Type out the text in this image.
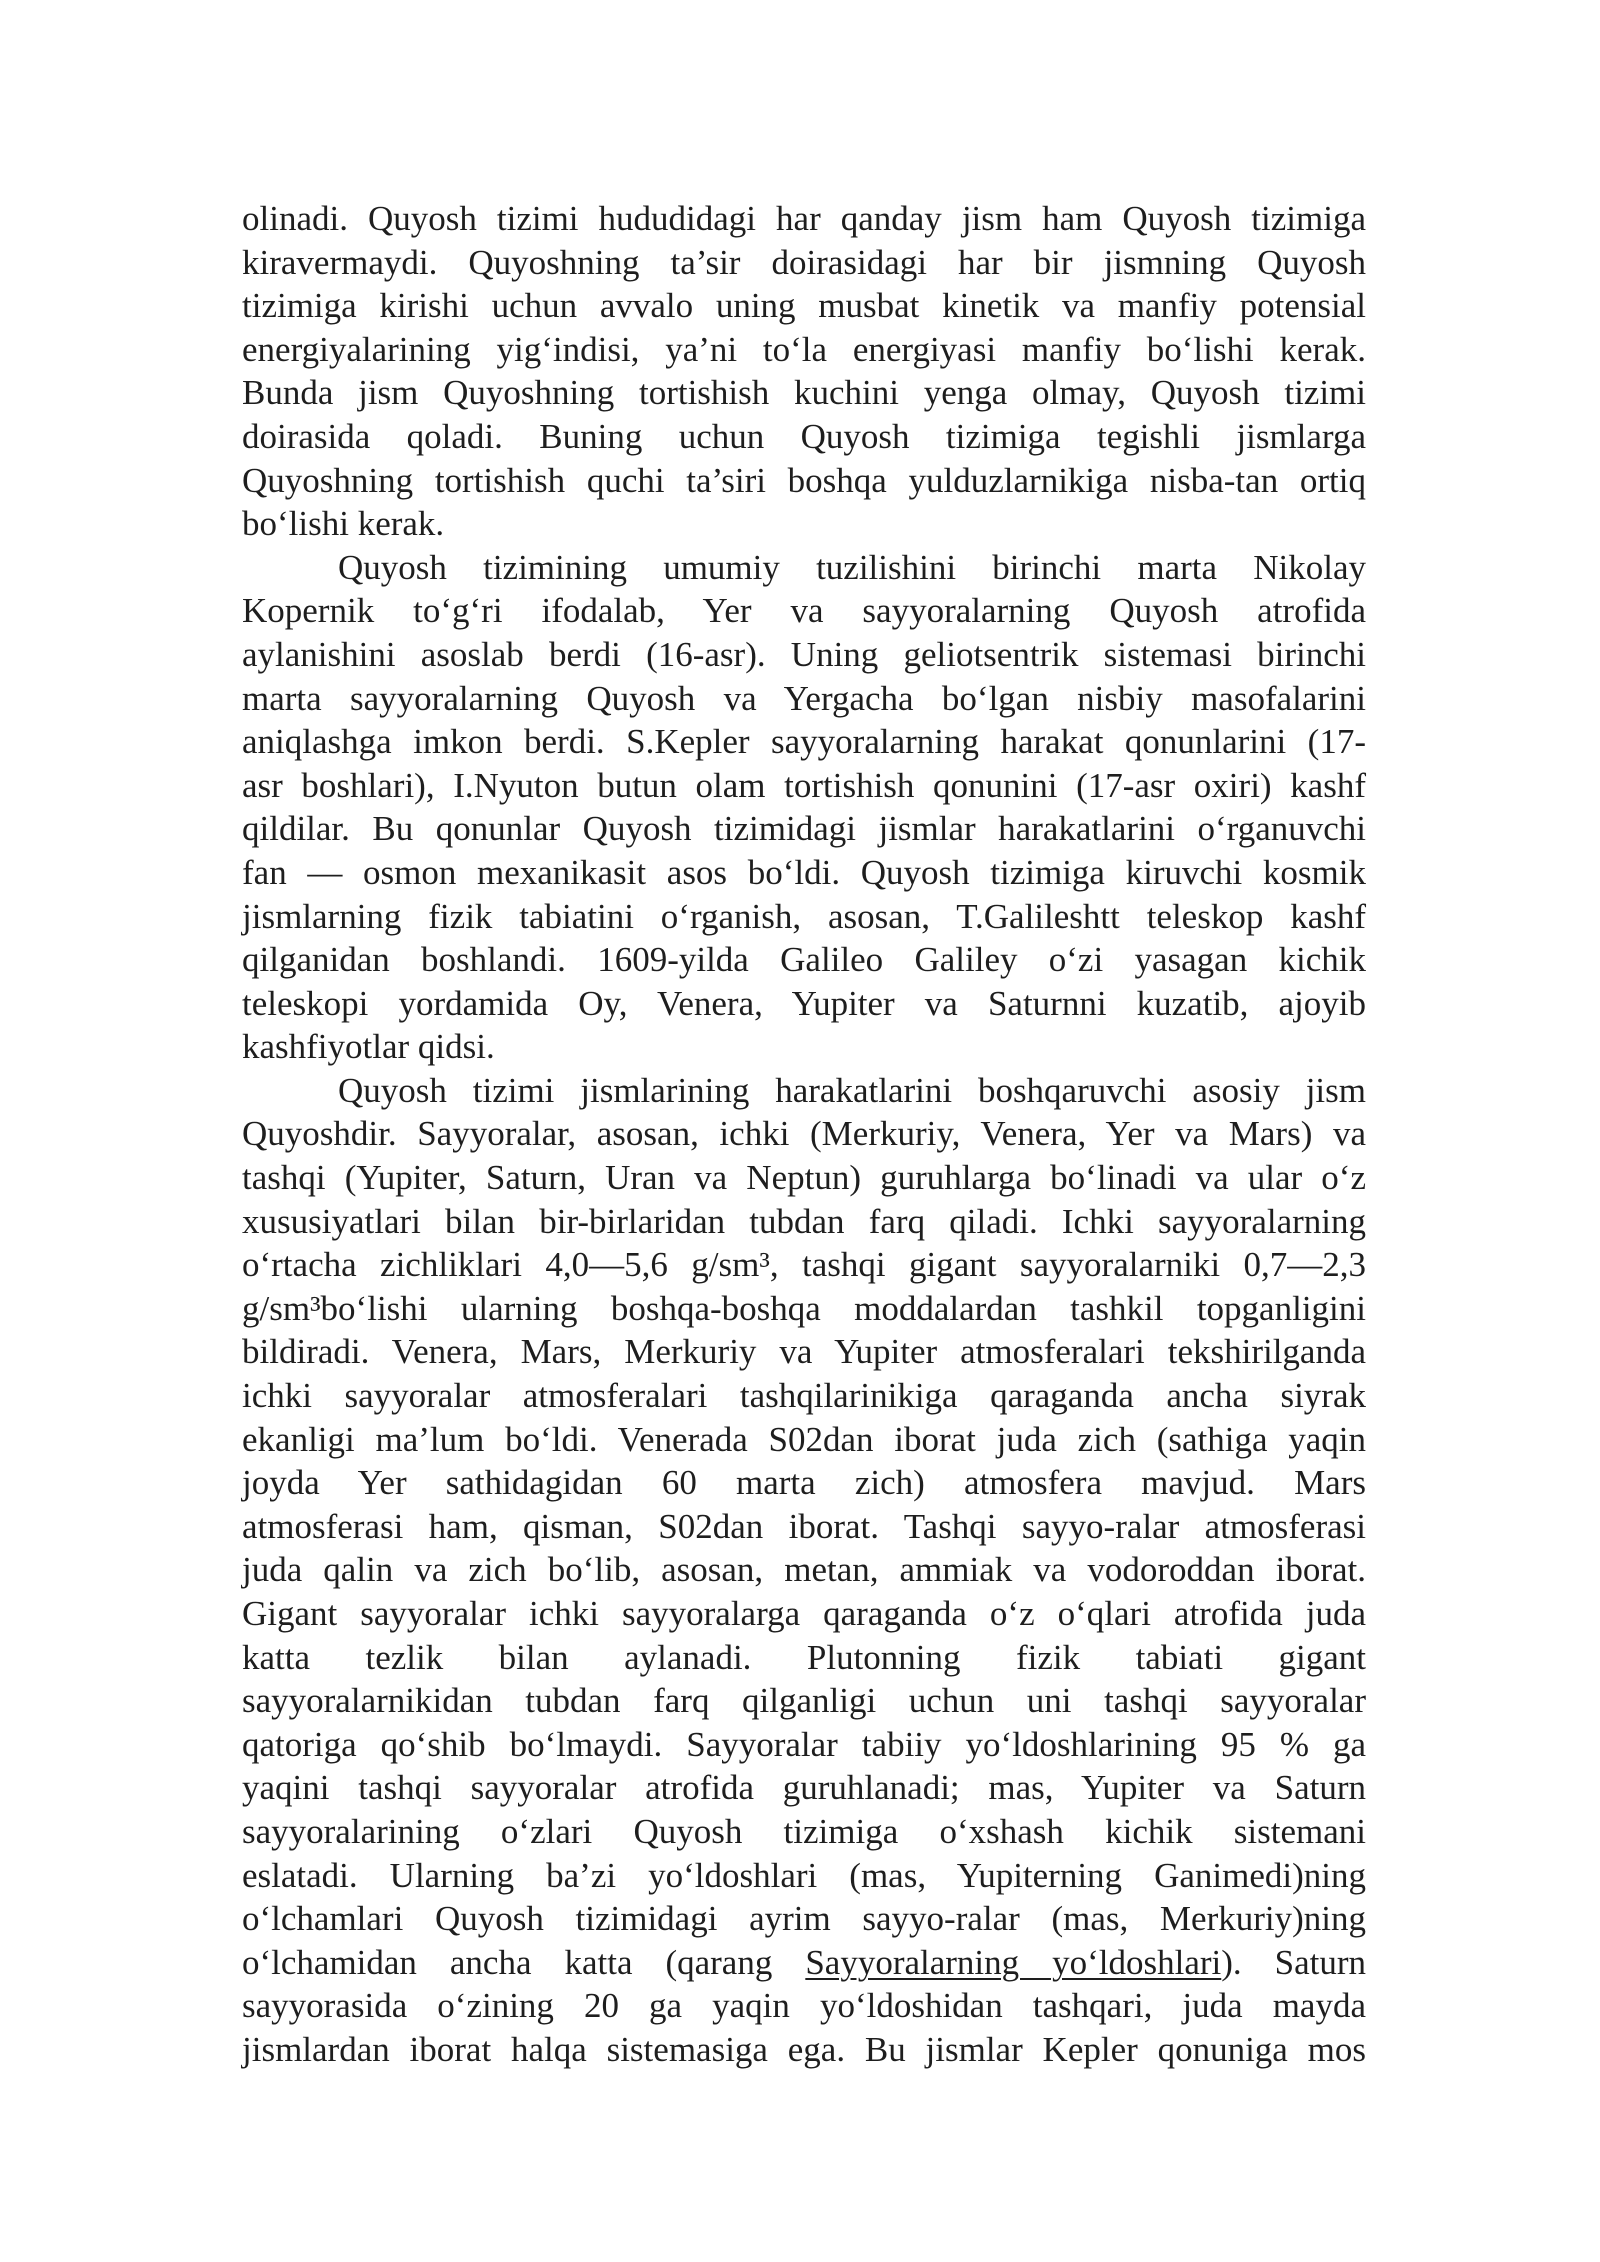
olinadi. Quyosh tizimi hududidagi har qanday jism ham Quyosh tizimiga
kiravermaydi. Quyoshning ta’sir doirasidagi har bir jismning Quyosh
tizimiga kirishi uchun avvalo uning musbat kinetik va manfiy potensial
energiyalarining yig‘indisi, ya’ni to‘la energiyasi manfiy bo‘lishi kerak.
Bunda jism Quyoshning tortishish kuchini yenga olmay, Quyosh tizimi
doirasida qoladi. Buning uchun Quyosh tizimiga tegishli jismlarga
Quyoshning tortishish quchi ta’siri boshqa yulduzlarnikiga nisba-tan ortiq
bo‘lishi kerak.
Quyosh tizimining umumiy tuzilishini birinchi marta Nikolay
Kopernik to‘g‘ri ifodalab, Yer va sayyoralarning Quyosh atrofida
aylanishini asoslab berdi (16-asr). Uning geliotsentrik sistemasi birinchi
marta sayyoralarning Quyosh va Yergacha bo‘lgan nisbiy masofalarini
aniqlashga imkon berdi. S.Kepler sayyoralarning harakat qonunlarini (17-
asr boshlari), I.Nyuton butun olam tortishish qonunini (17-asr oxiri) kashf
qildilar. Bu qonunlar Quyosh tizimidagi jismlar harakatlarini o‘rganuvchi
fan — osmon mexanikasit asos bo‘ldi. Quyosh tizimiga kiruvchi kosmik
jismlarning fizik tabiatini o‘rganish, asosan, T.Galileshtt teleskop kashf
qilganidan boshlandi. 1609-yilda Galileo Galiley o‘zi yasagan kichik
teleskopi yordamida Oy, Venera, Yupiter va Saturnni kuzatib, ajoyib
kashfiyotlar qidsi.
Quyosh tizimi jismlarining harakatlarini boshqaruvchi asosiy jism
Quyoshdir. Sayyoralar, asosan, ichki (Merkuriy, Venera, Yer va Mars) va
tashqi (Yupiter, Saturn, Uran va Neptun) guruhlarga bo‘linadi va ular o‘z
xususiyatlari bilan bir-birlaridan tubdan farq qiladi. Ichki sayyoralarning
o‘rtacha zichliklari 4,0—5,6 g/sm³, tashqi gigant sayyoralarniki 0,7—2,3
g/sm³bo‘lishi ularning boshqa-boshqa moddalardan tashkil topganligini
bildiradi. Venera, Mars, Merkuriy va Yupiter atmosferalari tekshirilganda
ichki sayyoralar atmosferalari tashqilarinikiga qaraganda ancha siyrak
ekanligi ma’lum bo‘ldi. Venerada S02dan iborat juda zich (sathiga yaqin
joyda Yer sathidagidan 60 marta zich) atmosfera mavjud. Mars
atmosferasi ham, qisman, S02dan iborat. Tashqi sayyo-ralar atmosferasi
juda qalin va zich bo‘lib, asosan, metan, ammiak va vodoroddan iborat.
Gigant sayyoralar ichki sayyoralarga qaraganda o‘z o‘qlari atrofida juda
katta tezlik bilan aylanadi. Plutonning fizik tabiati gigant
sayyoralarnikidan tubdan farq qilganligi uchun uni tashqi sayyoralar
qatoriga qo‘shib bo‘lmaydi. Sayyoralar tabiiy yo‘ldoshlarining 95 % ga
yaqini tashqi sayyoralar atrofida guruhlanadi; mas, Yupiter va Saturn
sayyoralarining o‘zlari Quyosh tizimiga o‘xshash kichik sistemani
eslatadi. Ularning ba’zi yo‘ldoshlari (mas, Yupiterning Ganimedi)ning
o‘lchamlari Quyosh tizimidagi ayrim sayyo-ralar (mas, Merkuriy)ning
o‘lchamidan ancha katta (qarang Sayyoralarning yo‘ldoshlari). Saturn
sayyorasida o‘zining 20 ga yaqin yo‘ldoshidan tashqari, juda mayda
jismlardan iborat halqa sistemasiga ega. Bu jismlar Kepler qonuniga mos
